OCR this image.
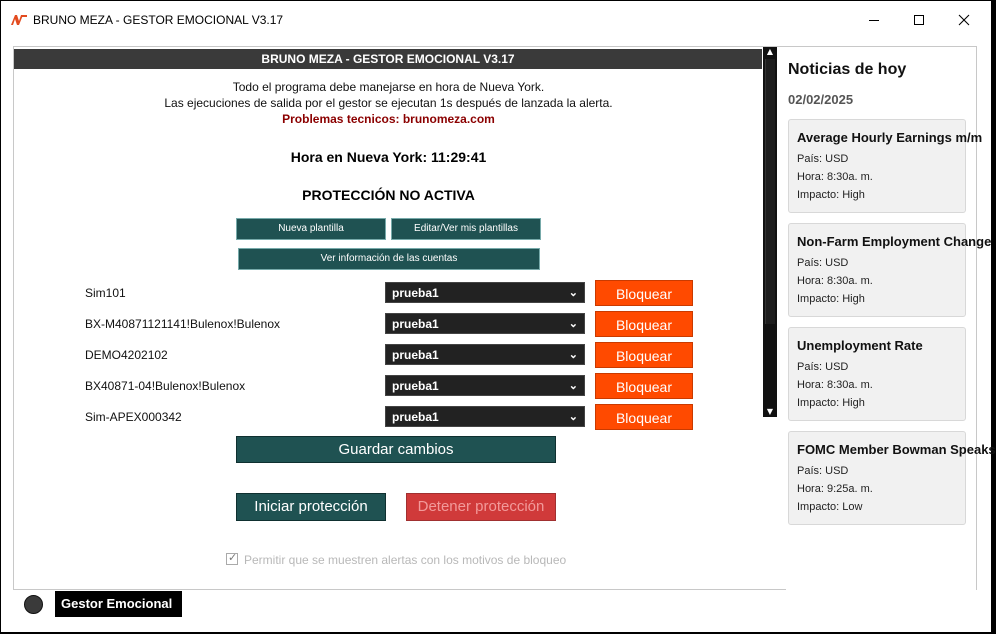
BRUNO MEZA - GESTOR EMOCIONAL V3.17
BRUNO MEZA - GESTOR EMOCIONAL V3.17
Todo el programa debe manejarse en hora de Nueva York.
Las ejecuciones de salida por el gestor se ejecutan 1s después de lanzada la alerta.
Problemas tecnicos: brunomeza.com
Hora en Nueva York: 11:29:41
PROTECCIÓN NO ACTIVA
Nueva plantilla	Editar/Ver mis plantillas
Ver información de las cuentas
Sim101	prueba1	⌄	Bloquear
BX-M40871121141!Bulenox!Bulenox	prueba1	⌄	Bloquear
DEMO4202102	prueba1	⌄	Bloquear
BX40871-04!Bulenox!Bulenox	prueba1	⌄	Bloquear
Sim-APEX000342	prueba1	⌄	Bloquear
▲
▼
Guardar cambios
Iniciar protección	Detener protección
✓
Permitir que se muestren alertas con los motivos de bloqueo
Noticias de hoy
02/02/2025
Average Hourly Earnings m/m
País: USD
Hora: 8:30a. m.
Impacto: High
Non-Farm Employment Change
País: USD
Hora: 8:30a. m.
Impacto: High
Unemployment Rate
País: USD
Hora: 8:30a. m.
Impacto: High
FOMC Member Bowman Speaks
País: USD
Hora: 9:25a. m.
Impacto: Low
Gestor Emocional
